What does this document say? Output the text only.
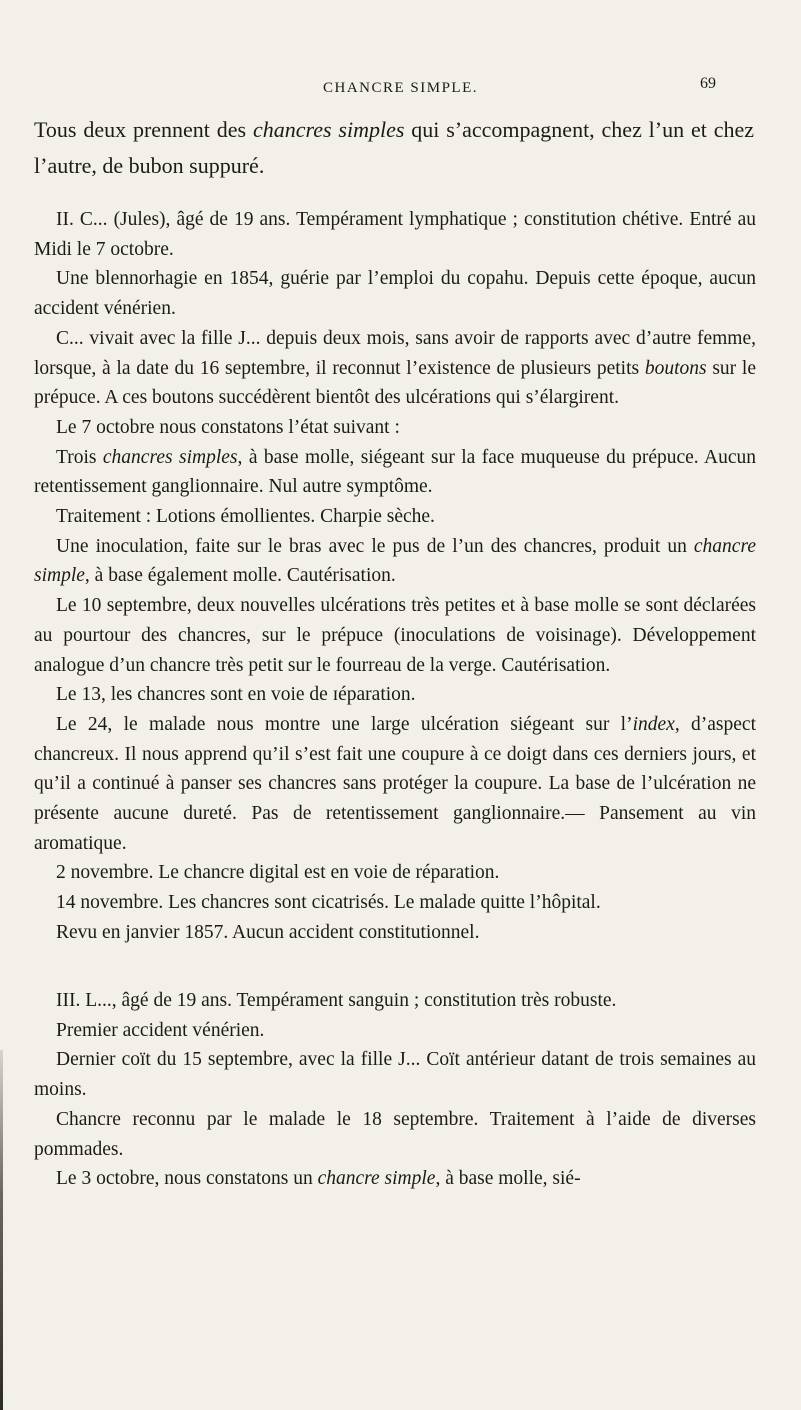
CHANCRE SIMPLE.	69

Tous deux prennent des chancres simples qui s’accompagnent, chez l’un et chez l’autre, de bubon suppuré.

II. C... (Jules), âgé de 19 ans. Tempérament lymphatique ; constitution chétive. Entré au Midi le 7 octobre.

Une blennorhagie en 1854, guérie par l’emploi du copahu. Depuis cette époque, aucun accident vénérien.

C... vivait avec la fille J... depuis deux mois, sans avoir de rapports avec d’autre femme, lorsque, à la date du 16 septembre, il reconnut l’existence de plusieurs petits boutons sur le prépuce. A ces boutons succédèrent bientôt des ulcérations qui s’élargirent.

Le 7 octobre nous constatons l’état suivant :

Trois chancres simples, à base molle, siégeant sur la face muqueuse du prépuce. Aucun retentissement ganglionnaire. Nul autre symptôme.

Traitement : Lotions émollientes. Charpie sèche.

Une inoculation, faite sur le bras avec le pus de l’un des chancres, produit un chancre simple, à base également molle. Cautérisation.

Le 10 septembre, deux nouvelles ulcérations très petites et à base molle se sont déclarées au pourtour des chancres, sur le prépuce (inoculations de voisinage). Développement analogue d’un chancre très petit sur le fourreau de la verge. Cautérisation.

Le 13, les chancres sont en voie de ɪéparation.

Le 24, le malade nous montre une large ulcération siégeant sur l’index, d’aspect chancreux. Il nous apprend qu’il s’est fait une coupure à ce doigt dans ces derniers jours, et qu’il a continué à panser ses chancres sans protéger la coupure. La base de l’ulcération ne présente aucune dureté. Pas de retentissement ganglionnaire.— Pansement au vin aromatique.

2 novembre. Le chancre digital est en voie de réparation.

14 novembre. Les chancres sont cicatrisés. Le malade quitte l’hôpital.

Revu en janvier 1857. Aucun accident constitutionnel.

III. L..., âgé de 19 ans. Tempérament sanguin ; constitution très robuste.

Premier accident vénérien.

Dernier coït du 15 septembre, avec la fille J... Coït antérieur datant de trois semaines au moins.

Chancre reconnu par le malade le 18 septembre. Traitement à l’aide de diverses pommades.

Le 3 octobre, nous constatons un chancre simple, à base molle, sié-
